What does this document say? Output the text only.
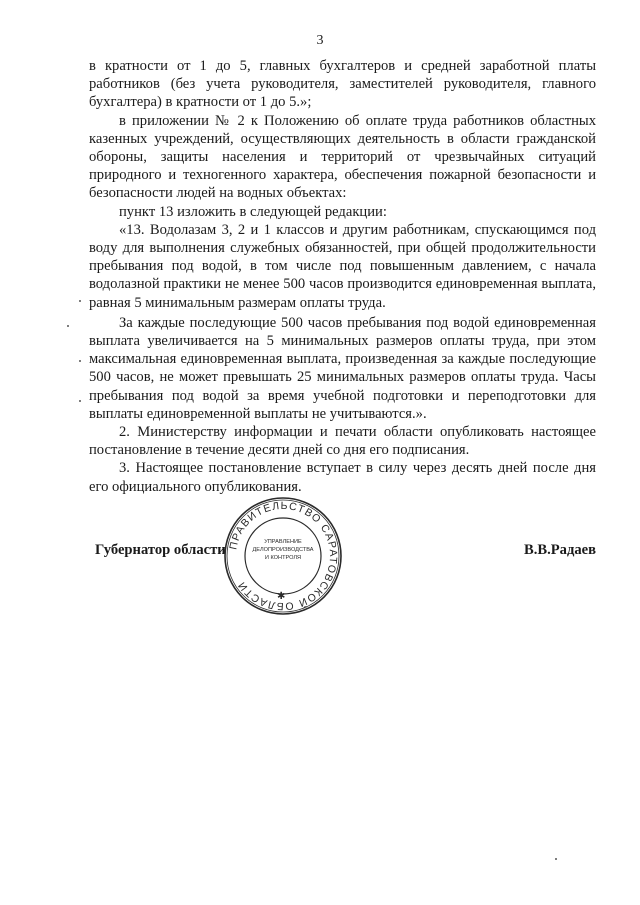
3

в кратности от 1 до 5, главных бухгалтеров и средней заработной платы работников (без учета руководителя, заместителей руководителя, главного бухгалтера) в кратности от 1 до 5.»;

в приложении № 2 к Положению об оплате труда работников областных казенных учреждений, осуществляющих деятельность в области гражданской обороны, защиты населения и территорий от чрезвычайных ситуаций природного и техногенного характера, обеспечения пожарной безопасности и безопасности людей на водных объектах:

пункт 13 изложить в следующей редакции:

«13. Водолазам 3, 2 и 1 классов и другим работникам, спускающимся под воду для выполнения служебных обязанностей, при общей продолжительности пребывания под водой, в том числе под повышенным давлением, с начала водолазной практики не менее 500 часов производится единовременная выплата, равная 5 минимальным размерам оплаты труда.

За каждые последующие 500 часов пребывания под водой единовременная выплата увеличивается на 5 минимальных размеров оплаты труда, при этом максимальная единовременная выплата, произведенная за каждые последующие 500 часов, не может превышать 25 минимальных размеров оплаты труда. Часы пребывания под водой за время учебной подготовки и переподготовки для выплаты единовременной выплаты не учитываются.».

2. Министерству информации и печати области опубликовать настоящее постановление в течение десяти дней со дня его подписания.

3. Настоящее постановление вступает в силу через десять дней после дня его официального опубликования.

Губернатор области	В.В.Радаев
ПРАВИТЕЛЬСТВО САРАТОВСКОЙ ОБЛАСТИ
УПРАВЛЕНИЕ
ДЕЛОПРОИЗВОДСТВА
И КОНТРОЛЯ
✱
